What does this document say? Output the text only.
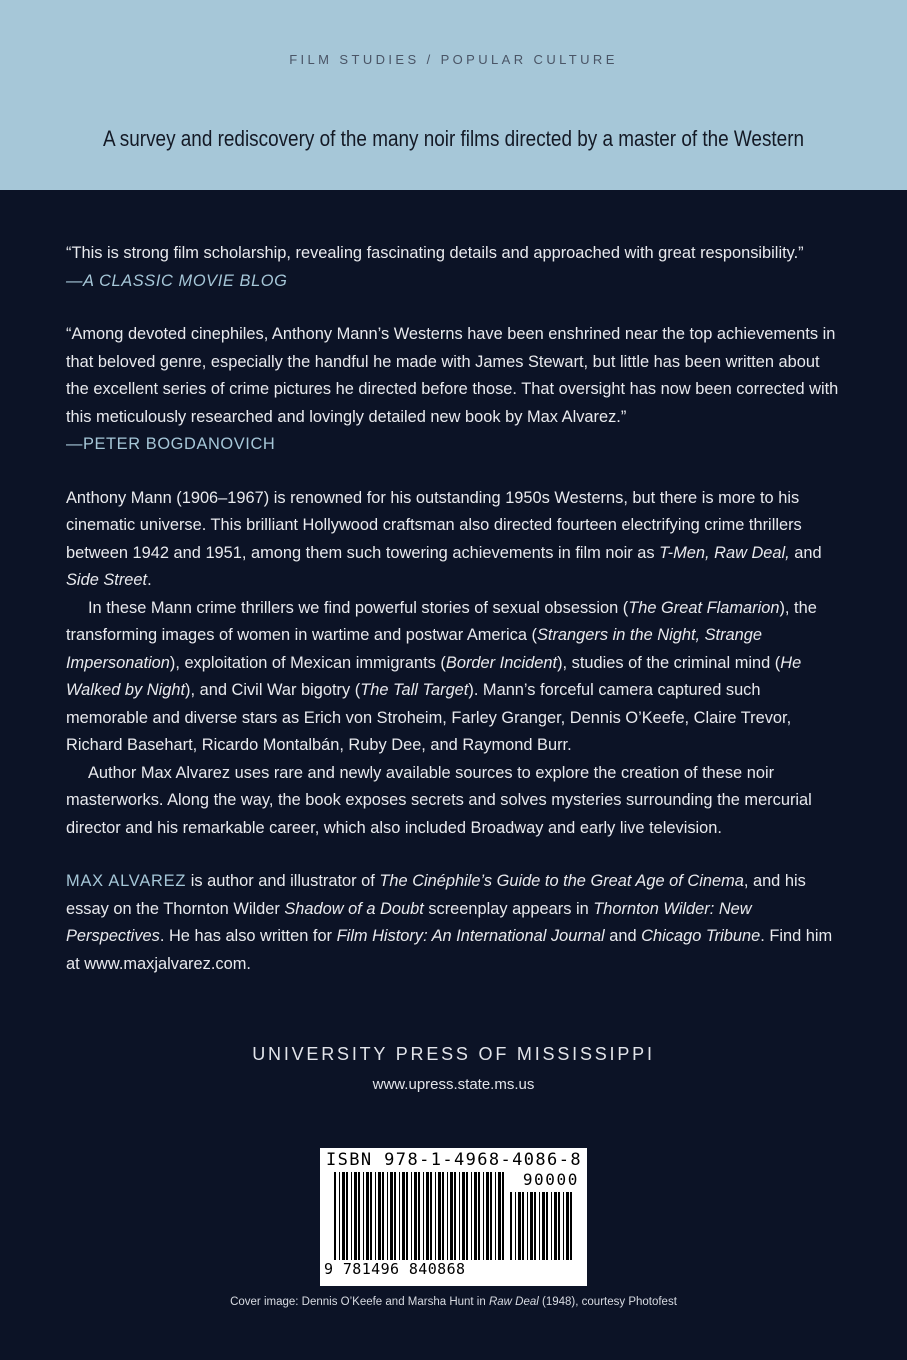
FILM STUDIES / POPULAR CULTURE
A survey and rediscovery of the many noir films directed by a master of the Western

“This is strong film scholarship, revealing fascinating details and approached with great responsibility.”

—A CLASSIC MOVIE BLOG

“Among devoted cinephiles, Anthony Mann’s Westerns have been enshrined near the top achievements in that beloved genre, especially the handful he made with James Stewart, but little has been written about the excellent series of crime pictures he directed before those. That oversight has now been corrected with this meticulously researched and lovingly detailed new book by Max Alvarez.”

—PETER BOGDANOVICH

Anthony Mann (1906–1967) is renowned for his outstanding 1950s Westerns, but there is more to his cinematic universe. This brilliant Hollywood craftsman also directed fourteen electrifying crime thrillers between 1942 and 1951, among them such towering achievements in film noir as T-Men, Raw Deal, and Side Street.

In these Mann crime thrillers we find powerful stories of sexual obsession (The Great Flamarion), the transforming images of women in wartime and postwar America (Strangers in the Night, Strange Impersonation), exploitation of Mexican immigrants (Border Incident), studies of the criminal mind (He Walked by Night), and Civil War bigotry (The Tall Target). Mann’s forceful camera captured such memorable and diverse stars as Erich von Stroheim, Farley Granger, Dennis O’Keefe, Claire Trevor, Richard Basehart, Ricardo Montalbán, Ruby Dee, and Raymond Burr.

Author Max Alvarez uses rare and newly available sources to explore the creation of these noir masterworks. Along the way, the book exposes secrets and solves mysteries surrounding the mercurial director and his remarkable career, which also included Broadway and early live television.

MAX ALVAREZ is author and illustrator of The Cinéphile’s Guide to the Great Age of Cinema, and his essay on the Thornton Wilder Shadow of a Doubt screenplay appears in Thornton Wilder: New Perspectives. He has also written for Film History: An International Journal and Chicago Tribune. Find him at www.maxjalvarez.com.

UNIVERSITY PRESS OF MISSISSIPPI
www.upress.state.ms.us
ISBN 978-1-4968-4086-8
90000
9 781496 840868
Cover image: Dennis O’Keefe and Marsha Hunt in Raw Deal (1948), courtesy Photofest
